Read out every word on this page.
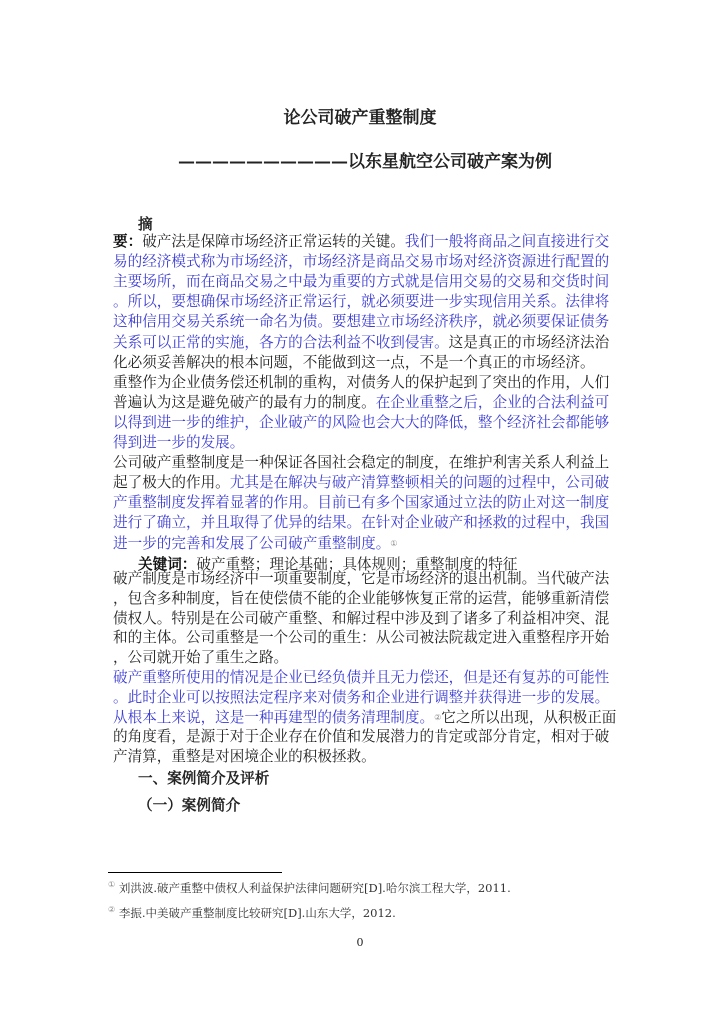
论公司破产重整制度
——————————以东星航空公司破产案为例
摘
要：破产法是保障市场经济正常运转的关键。我们一般将商品之间直接进行交
易的经济模式称为市场经济，市场经济是商品交易市场对经济资源进行配置的
主要场所，而在商品交易之中最为重要的方式就是信用交易的交易和交货时间
。所以，要想确保市场经济正常运行，就必须要进一步实现信用关系。法律将
这种信用交易关系统一命名为债。要想建立市场经济秩序，就必须要保证债务
关系可以正常的实施，各方的合法利益不收到侵害。这是真正的市场经济法治
化必须妥善解决的根本问题，不能做到这一点，不是一个真正的市场经济。
重整作为企业债务偿还机制的重构，对债务人的保护起到了突出的作用，人们
普遍认为这是避免破产的最有力的制度。在企业重整之后，企业的合法利益可
以得到进一步的维护，企业破产的风险也会大大的降低，整个经济社会都能够
得到进一步的发展。
公司破产重整制度是一种保证各国社会稳定的制度，在维护利害关系人利益上
起了极大的作用。尤其是在解决与破产清算整顿相关的问题的过程中，公司破
产重整制度发挥着显著的作用。目前已有多个国家通过立法的防止对这一制度
进行了确立，并且取得了优异的结果。在针对企业破产和拯救的过程中，我国
进一步的完善和发展了公司破产重整制度。①
关键词：破产重整；理论基础；具体规则；重整制度的特征
破产制度是市场经济中一项重要制度，它是市场经济的退出机制。当代破产法
，包含多种制度，旨在使偿债不能的企业能够恢复正常的运营，能够重新清偿
债权人。特别是在公司破产重整、和解过程中涉及到了诸多了利益相冲突、混
和的主体。公司重整是一个公司的重生：从公司被法院裁定进入重整程序开始
，公司就开始了重生之路。
破产重整所使用的情况是企业已经负债并且无力偿还，但是还有复苏的可能性
。此时企业可以按照法定程序来对债务和企业进行调整并获得进一步的发展。
从根本上来说，这是一种再建型的债务清理制度。②它之所以出现，从积极正面
的角度看，是源于对于企业存在价值和发展潜力的肯定或部分肯定，相对于破
产清算，重整是对困境企业的积极拯救。
一、案例简介及评析
（一）案例简介
① 刘洪波.破产重整中债权人利益保护法律问题研究[D].哈尔滨工程大学，2011.
② 李振.中美破产重整制度比较研究[D].山东大学，2012.
0
